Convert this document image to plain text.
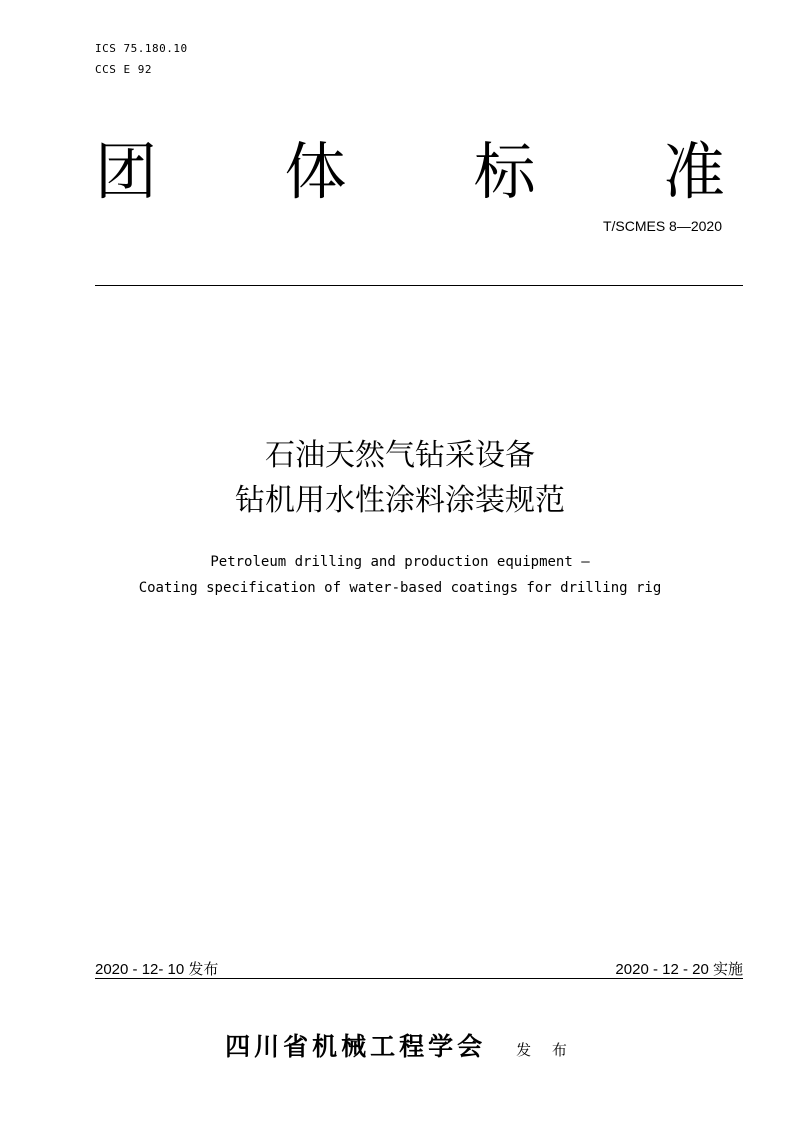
ICS 75.180.10
CCS E 92
团 体 标 准
T/SCMES 8—2020
石油天然气钻采设备
钻机用水性涂料涂装规范
Petroleum drilling and production equipment —
Coating specification of water-based coatings for drilling rig
2020 - 12- 10 发布	2020 - 12 - 20 实施
四川省机械工程学会 发 布
